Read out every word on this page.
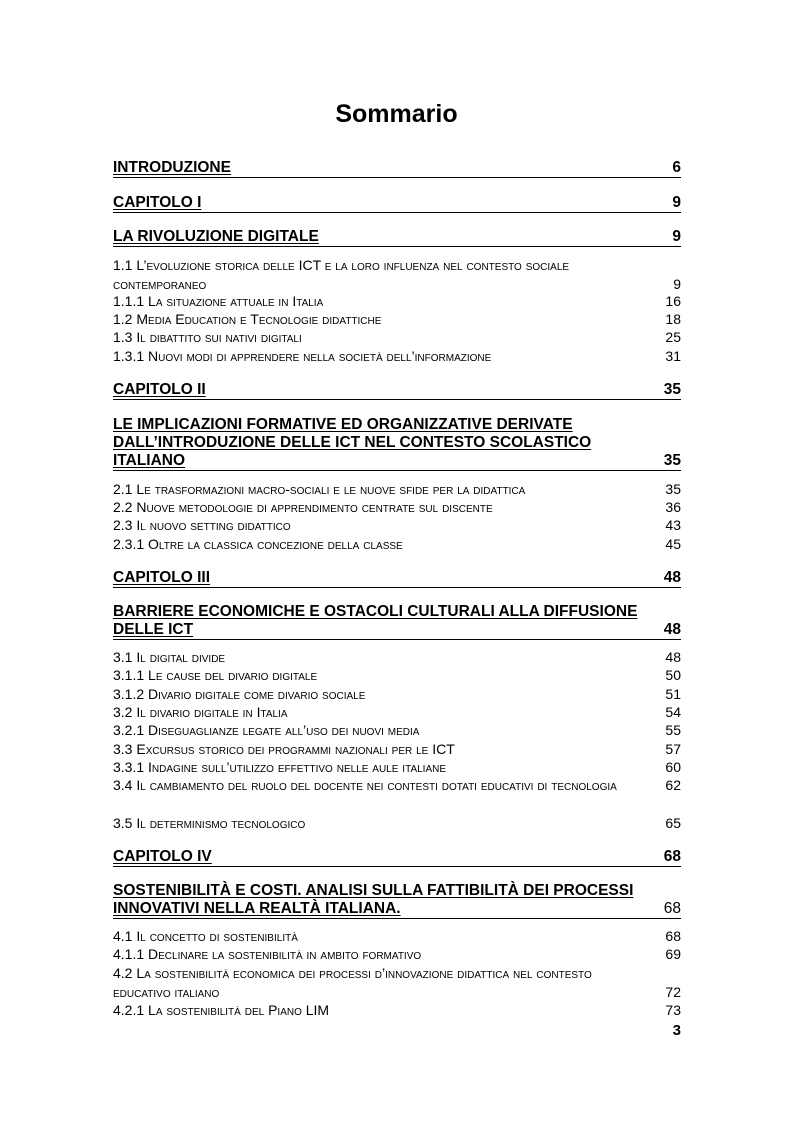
Sommario
INTRODUZIONE	6
CAPITOLO I	9
LA RIVOLUZIONE DIGITALE	9
1.1 L’evoluzione storica delle ICT e la loro influenza nel contesto sociale contemporaneo	9
1.1.1 La situazione attuale in Italia	16
1.2 Media Education e Tecnologie didattiche	18
1.3 Il dibattito sui nativi digitali	25
1.3.1 Nuovi modi di apprendere nella società dell’informazione	31
CAPITOLO II	35
LE IMPLICAZIONI FORMATIVE ED ORGANIZZATIVE DERIVATE DALL’INTRODUZIONE DELLE ICT NEL CONTESTO SCOLASTICO ITALIANO	35
2.1 Le trasformazioni macro-sociali e le nuove sfide per la didattica	35
2.2 Nuove metodologie di apprendimento centrate sul discente	36
2.3 Il nuovo setting didattico	43
2.3.1 Oltre la classica concezione della classe	45
CAPITOLO III	48
BARRIERE ECONOMICHE E OSTACOLI CULTURALI ALLA DIFFUSIONE DELLE ICT	48
3.1 Il digital divide	48
3.1.1 Le cause del divario digitale	50
3.1.2 Divario digitale come divario sociale	51
3.2 Il divario digitale in Italia	54
3.2.1 Diseguaglianze legate all’uso dei nuovi media	55
3.3 Excursus storico dei programmi nazionali per le ICT	57
3.3.1 Indagine sull’utilizzo effettivo nelle aule italiane	60
3.4 Il cambiamento del ruolo del docente nei contesti dotati educativi di tecnologia	62
3.5 Il determinismo tecnologico	65
CAPITOLO IV	68
SOSTENIBILITÀ E COSTI. ANALISI SULLA FATTIBILITÀ DEI PROCESSI INNOVATIVI NELLA REALTÀ ITALIANA.	68
4.1 Il concetto di sostenibilità	68
4.1.1 Declinare la sostenibilità in ambito formativo	69
4.2 La sostenibilità economica dei processi d’innovazione didattica nel contesto educativo italiano	72
4.2.1 La sostenibilità del Piano LIM	73
3
